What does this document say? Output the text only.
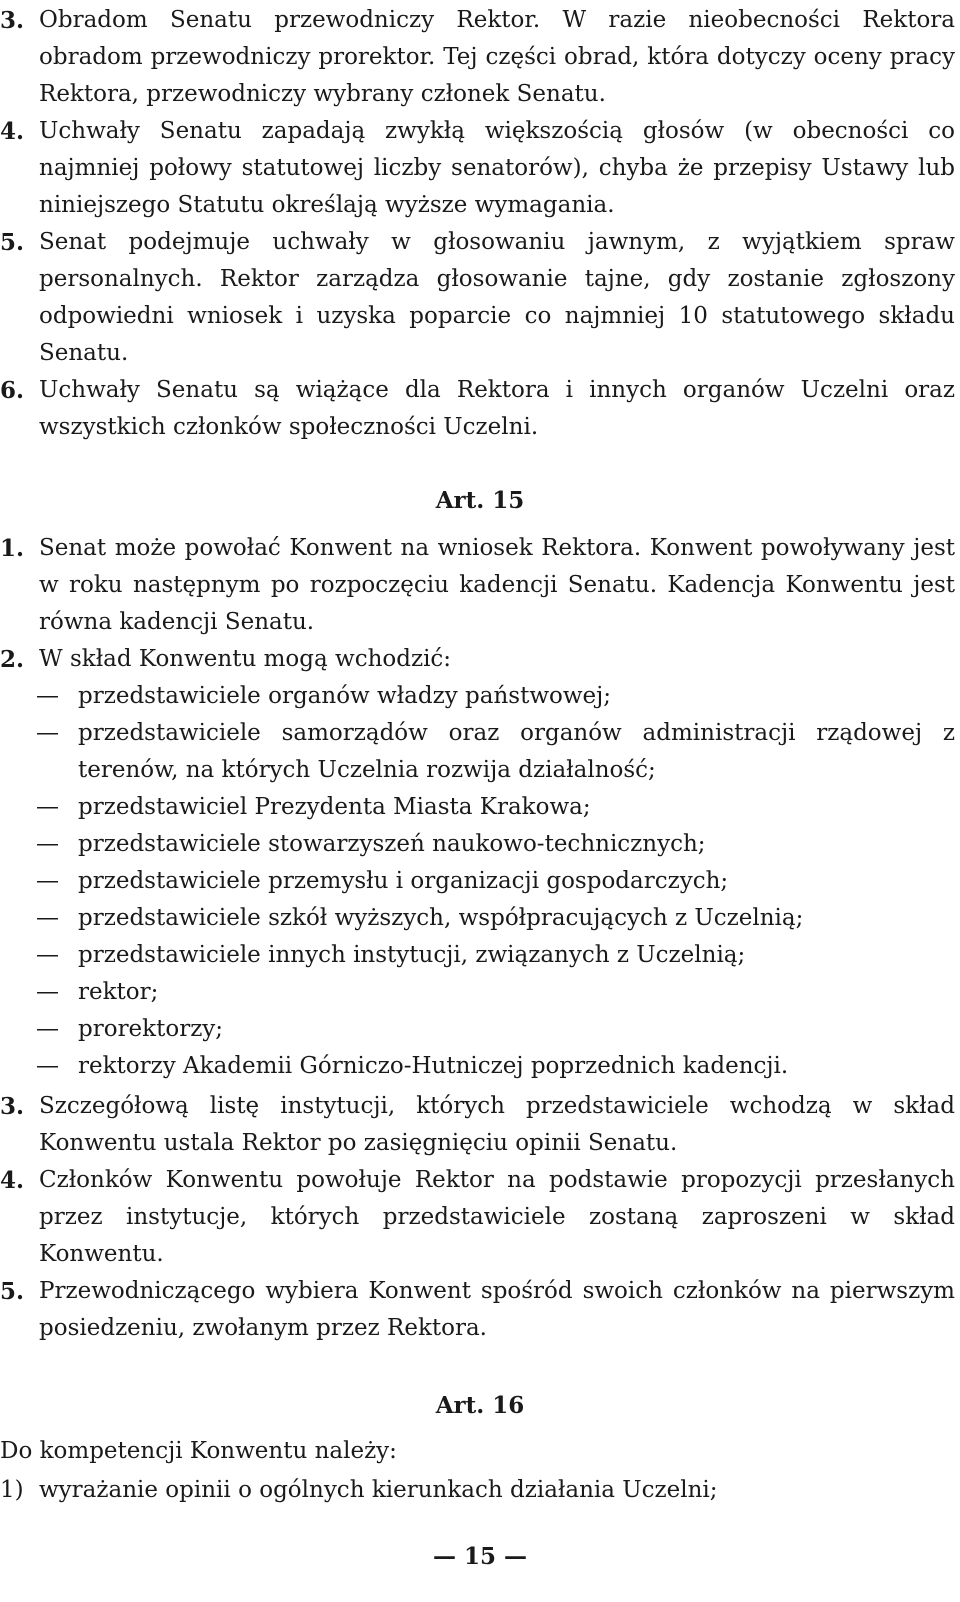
3. Obradom Senatu przewodniczy Rektor. W razie nieobecności Rektora obradom przewodniczy prorektor. Tej części obrad, która dotyczy oceny pracy Rektora, przewodniczy wybrany członek Senatu.
4. Uchwały Senatu zapadają zwykłą większością głosów (w obecności co najmniej połowy statutowej liczby senatorów), chyba że przepisy Ustawy lub niniejszego Statutu określają wyższe wymagania.
5. Senat podejmuje uchwały w głosowaniu jawnym, z wyjątkiem spraw personalnych. Rektor zarządza głosowanie tajne, gdy zostanie zgłoszony odpowiedni wniosek i uzyska poparcie co najmniej 10 statutowego składu Senatu.
6. Uchwały Senatu są wiążące dla Rektora i innych organów Uczelni oraz wszystkich członków społeczności Uczelni.
Art. 15
1. Senat może powołać Konwent na wniosek Rektora. Konwent powoływany jest w roku następnym po rozpoczęciu kadencji Senatu. Kadencja Konwentu jest równa kadencji Senatu.
2. W skład Konwentu mogą wchodzić:
— przedstawiciele organów władzy państwowej;
— przedstawiciele samorządów oraz organów administracji rządowej z terenów, na których Uczelnia rozwija działalność;
— przedstawiciel Prezydenta Miasta Krakowa;
— przedstawiciele stowarzyszeń naukowo-technicznych;
— przedstawiciele przemysłu i organizacji gospodarczych;
— przedstawiciele szkół wyższych, współpracujących z Uczelnią;
— przedstawiciele innych instytucji, związanych z Uczelnią;
— rektor;
— prorektorzy;
— rektorzy Akademii Górniczo-Hutniczej poprzednich kadencji.
3. Szczegółową listę instytucji, których przedstawiciele wchodzą w skład Konwentu ustala Rektor po zasięgnięciu opinii Senatu.
4. Członków Konwentu powołuje Rektor na podstawie propozycji przesłanych przez instytucje, których przedstawiciele zostaną zaproszeni w skład Konwentu.
5. Przewodniczącego wybiera Konwent spośród swoich członków na pierwszym posiedzeniu, zwołanym przez Rektora.
Art. 16
Do kompetencji Konwentu należy:
1) wyrażanie opinii o ogólnych kierunkach działania Uczelni;
— 15 —
